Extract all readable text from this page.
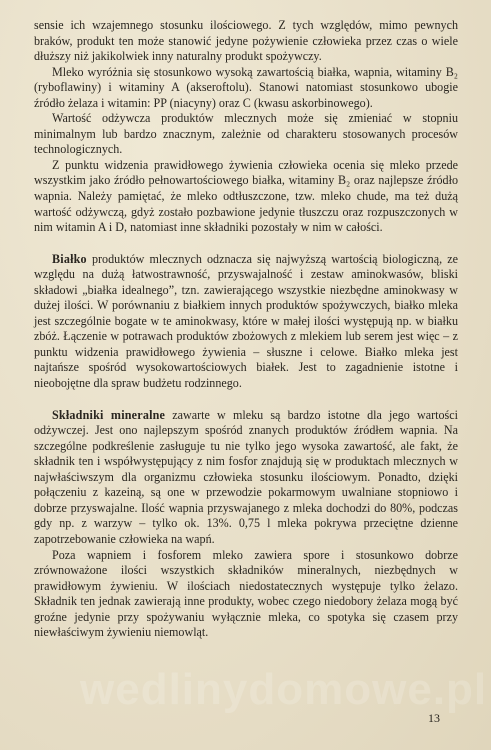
sensie ich wzajemnego stosunku ilościowego. Z tych względów, mimo pewnych braków, produkt ten może stanowić jedyne pożywienie człowieka przez czas o wiele dłuższy niż jakikolwiek inny naturalny produkt spożywczy.

Mleko wyróżnia się stosunkowo wysoką zawartością białka, wapnia, witaminy B₂ (ryboflawiny) i witaminy A (akseroftolu). Stanowi natomiast stosunkowo ubogie źródło żelaza i witamin: PP (niacyny) oraz C (kwasu askorbinowego).

Wartość odżywcza produktów mlecznych może się zmieniać w stopniu minimalnym lub bardzo znacznym, zależnie od charakteru stosowanych procesów technologicznych.

Z punktu widzenia prawidłowego żywienia człowieka ocenia się mleko przede wszystkim jako źródło pełnowartościowego białka, witaminy B₂ oraz najlepsze źródło wapnia. Należy pamiętać, że mleko odtłuszczone, tzw. mleko chude, ma też dużą wartość odżywczą, gdyż zostało pozbawione jedynie tłuszczu oraz rozpuszczonych w nim witamin A i D, natomiast inne składniki pozostały w nim w całości.

Białko produktów mlecznych odznacza się najwyższą wartością biologiczną, ze względu na dużą łatwostrawność, przyswajalność i zestaw aminokwasów, bliski składowi „białka idealnego”, tzn. zawierającego wszystkie niezbędne aminokwasy w dużej ilości. W porównaniu z białkiem innych produktów spożywczych, białko mleka jest szczególnie bogate w te aminokwasy, które w małej ilości występują np. w białku zbóż. Łączenie w potrawach produktów zbożowych z mlekiem lub serem jest więc – z punktu widzenia prawidłowego żywienia – słuszne i celowe. Białko mleka jest najtańsze spośród wysokowartościowych białek. Jest to zagadnienie istotne i nieobojętne dla spraw budżetu rodzinnego.

Składniki mineralne zawarte w mleku są bardzo istotne dla jego wartości odżywczej. Jest ono najlepszym spośród znanych produktów źródłem wapnia. Na szczególne podkreślenie zasługuje tu nie tylko jego wysoka zawartość, ale fakt, że składnik ten i współwystępujący z nim fosfor znajdują się w produktach mlecznych w najwłaściwszym dla organizmu człowieka stosunku ilościowym. Ponadto, dzięki połączeniu z kazeiną, są one w przewodzie pokarmowym uwalniane stopniowo i dobrze przyswajalne. Ilość wapnia przyswajanego z mleka dochodzi do 80%, podczas gdy np. z warzyw – tylko ok. 13%. 0,75 l mleka pokrywa przeciętne dzienne zapotrzebowanie człowieka na wapń.

Poza wapniem i fosforem mleko zawiera spore i stosunkowo dobrze zrównoważone ilości wszystkich składników mineralnych, niezbędnych w prawidłowym żywieniu. W ilościach niedostatecznych występuje tylko żelazo. Składnik ten jednak zawierają inne produkty, wobec czego niedobory żelaza mogą być groźne jedynie przy spożywaniu wyłącznie mleka, co spotyka się czasem przy niewłaściwym żywieniu niemowląt.

wedlinydomowe.pl
13
